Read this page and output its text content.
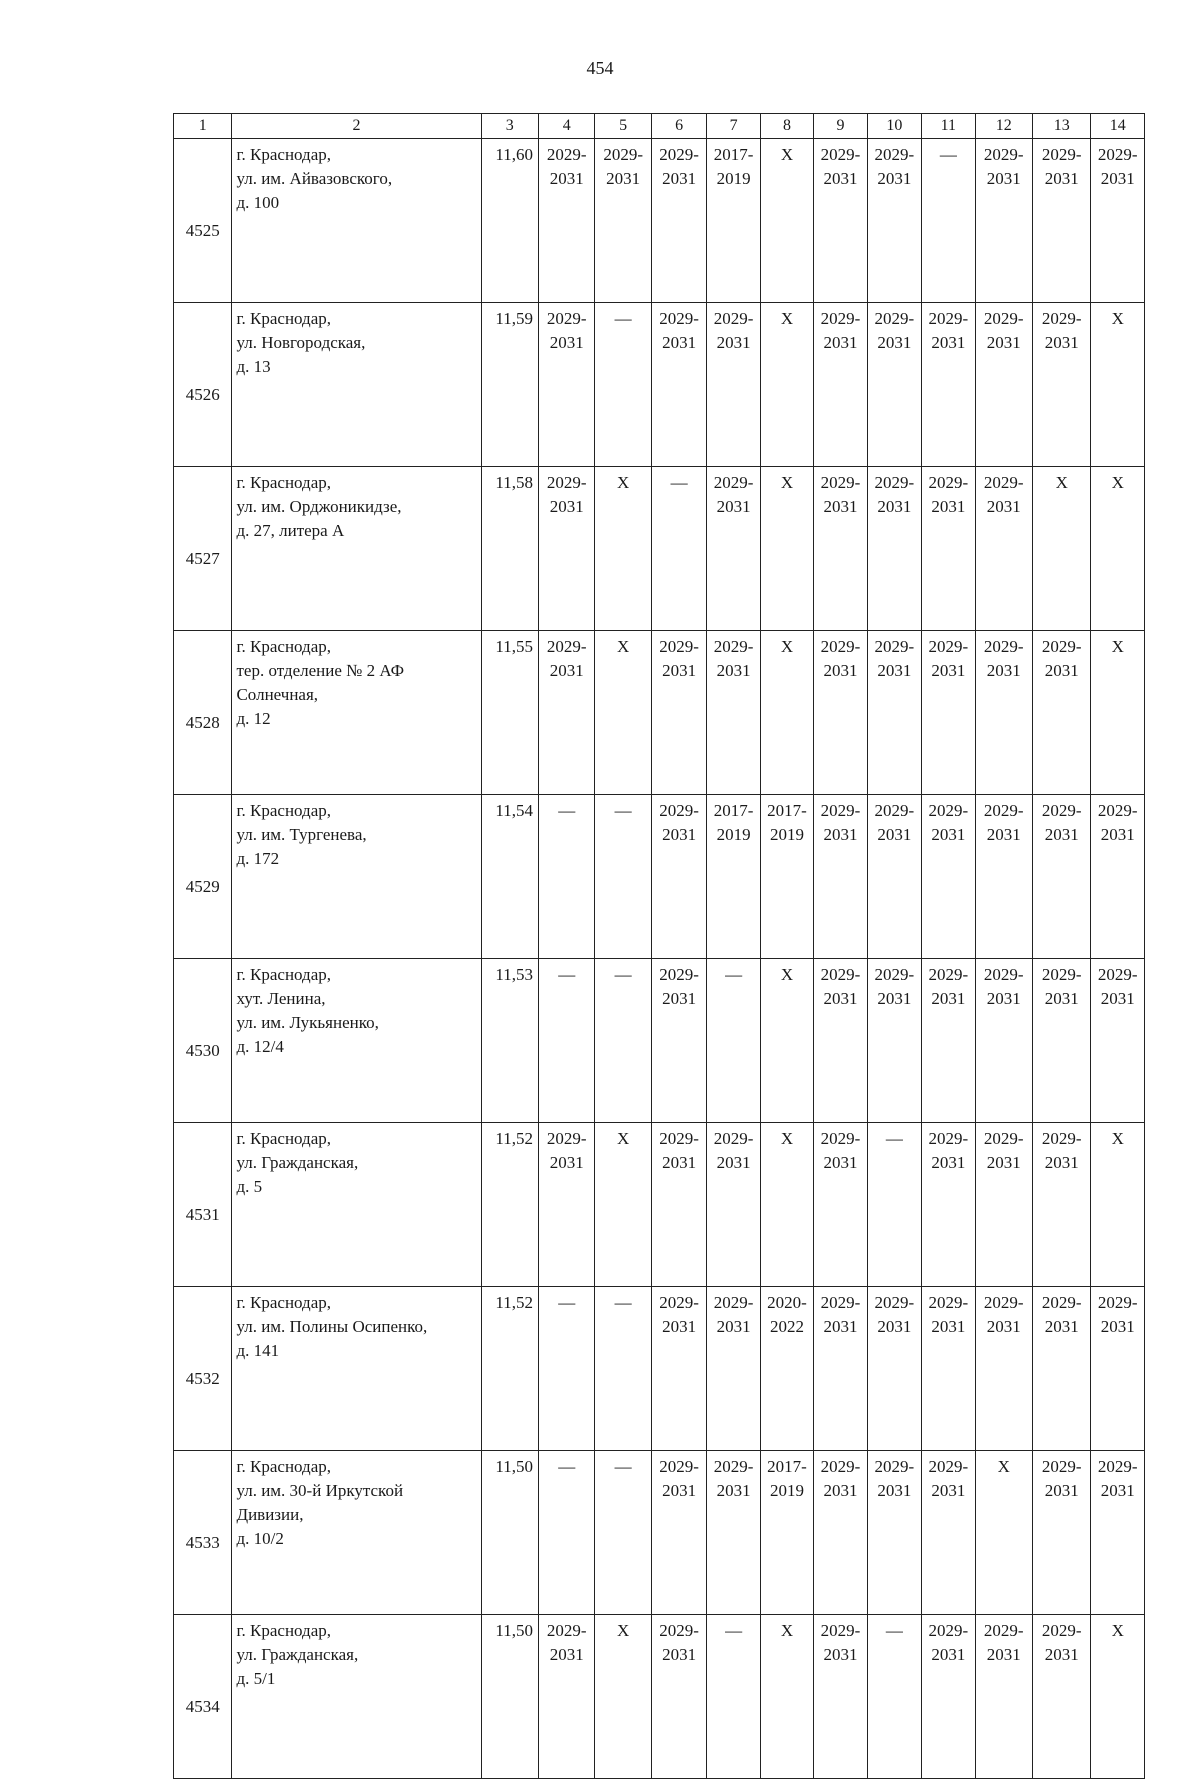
454
1	2	3	4	5	6	7	8	9	10	11	12	13	14
4525	г. Краснодар,
ул. им. Айвазовского,
д. 100	11,60	2029-
2031	2029-
2031	2029-
2031	2017-
2019	Х	2029-
2031	2029-
2031	—	2029-
2031	2029-
2031	2029-
2031

4526	г. Краснодар,
ул. Новгородская,
д. 13	11,59	2029-
2031	—	2029-
2031	2029-
2031	Х	2029-
2031	2029-
2031	2029-
2031	2029-
2031	2029-
2031	Х

4527	г. Краснодар,
ул. им. Орджоникидзе,
д. 27, литера А	11,58	2029-
2031	Х	—	2029-
2031	Х	2029-
2031	2029-
2031	2029-
2031	2029-
2031	Х	Х

4528	г. Краснодар,
тер. отделение № 2 АФ
Солнечная,
д. 12	11,55	2029-
2031	Х	2029-
2031	2029-
2031	Х	2029-
2031	2029-
2031	2029-
2031	2029-
2031	2029-
2031	Х

4529	г. Краснодар,
ул. им. Тургенева,
д. 172	11,54	—	—	2029-
2031	2017-
2019	2017-
2019	2029-
2031	2029-
2031	2029-
2031	2029-
2031	2029-
2031	2029-
2031

4530	г. Краснодар,
хут. Ленина,
ул. им. Лукьяненко,
д. 12/4	11,53	—	—	2029-
2031	—	Х	2029-
2031	2029-
2031	2029-
2031	2029-
2031	2029-
2031	2029-
2031

4531	г. Краснодар,
ул. Гражданская,
д. 5	11,52	2029-
2031	Х	2029-
2031	2029-
2031	Х	2029-
2031	—	2029-
2031	2029-
2031	2029-
2031	Х

4532	г. Краснодар,
ул. им. Полины Осипенко,
д. 141	11,52	—	—	2029-
2031	2029-
2031	2020-
2022	2029-
2031	2029-
2031	2029-
2031	2029-
2031	2029-
2031	2029-
2031

4533	г. Краснодар,
ул. им. 30-й Иркутской
Дивизии,
д. 10/2	11,50	—	—	2029-
2031	2029-
2031	2017-
2019	2029-
2031	2029-
2031	2029-
2031	Х	2029-
2031	2029-
2031

4534	г. Краснодар,
ул. Гражданская,
д. 5/1	11,50	2029-
2031	Х	2029-
2031	—	Х	2029-
2031	—	2029-
2031	2029-
2031	2029-
2031	Х
